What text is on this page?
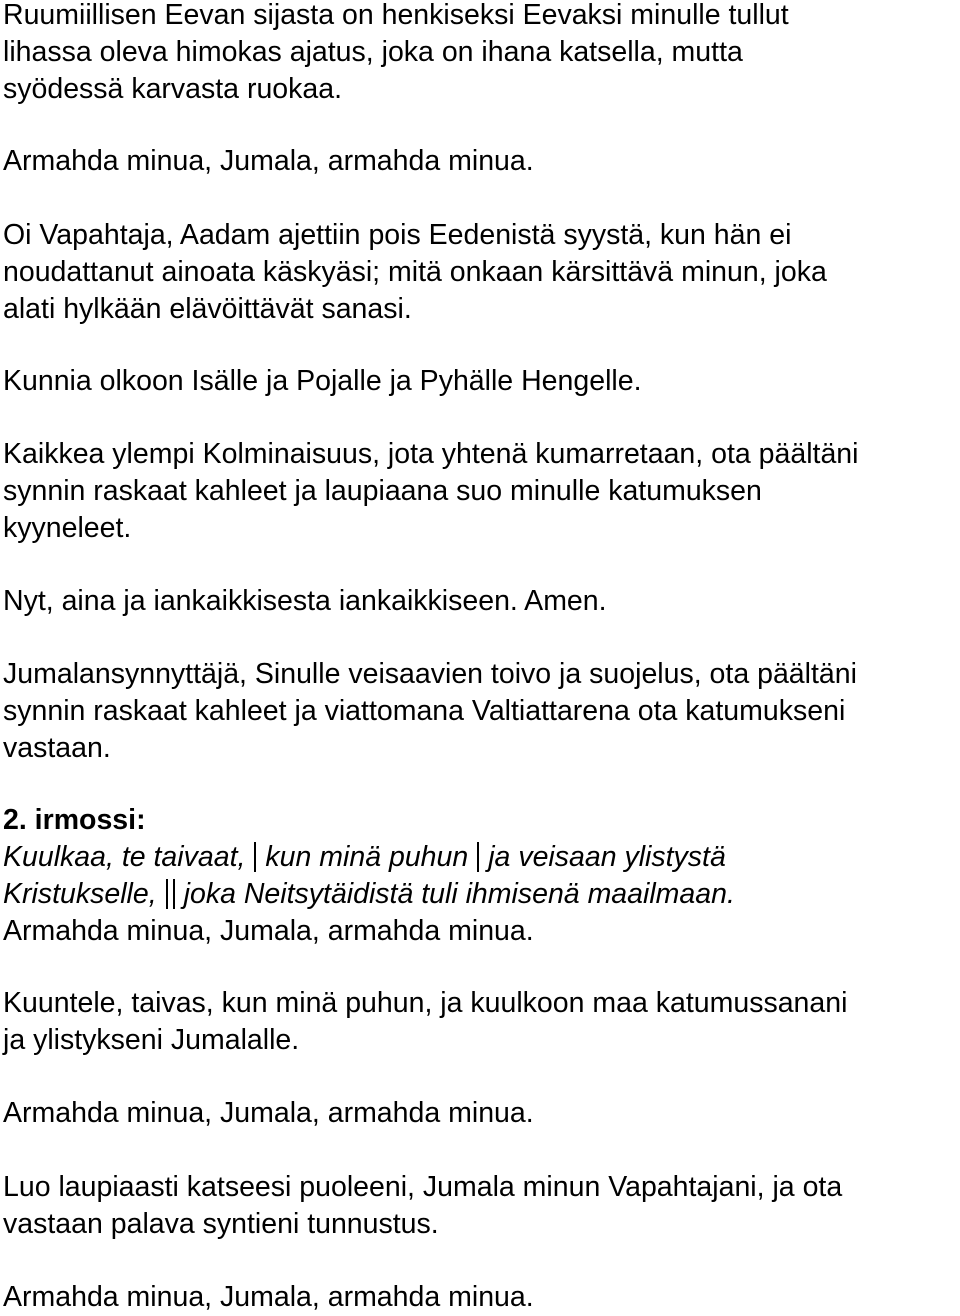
Ruumiillisen Eevan sijasta on henkiseksi Eevaksi minulle tullut
lihassa oleva himokas ajatus, joka on ihana katsella, mutta
syödessä karvasta ruokaa.
Armahda minua, Jumala, armahda minua.
Oi Vapahtaja, Aadam ajettiin pois Eedenistä syystä, kun hän ei
noudattanut ainoata käskyäsi; mitä onkaan kärsittävä minun, joka
alati hylkään elävöittävät sanasi.
Kunnia olkoon Isälle ja Pojalle ja Pyhälle Hengelle.
Kaikkea ylempi Kolminaisuus, jota yhtenä kumarretaan, ota päältäni
synnin raskaat kahleet ja laupiaana suo minulle katumuksen
kyyneleet.
Nyt, aina ja iankaikkisesta iankaikkiseen. Amen.
Jumalansynnyttäjä, Sinulle veisaavien toivo ja suojelus, ota päältäni
synnin raskaat kahleet ja viattomana Valtiattarena ota katumukseni
vastaan.
2. irmossi:
Kuulkaa, te taivaat, kun minä puhun ja veisaan ylistystä
Kristukselle, joka Neitsytäidistä tuli ihmisenä maailmaan.
Armahda minua, Jumala, armahda minua.
Kuuntele, taivas, kun minä puhun, ja kuulkoon maa katumussanani
ja ylistykseni Jumalalle.
Armahda minua, Jumala, armahda minua.
Luo laupiaasti katseesi puoleeni, Jumala minun Vapahtajani, ja ota
vastaan palava syntieni tunnustus.
Armahda minua, Jumala, armahda minua.
